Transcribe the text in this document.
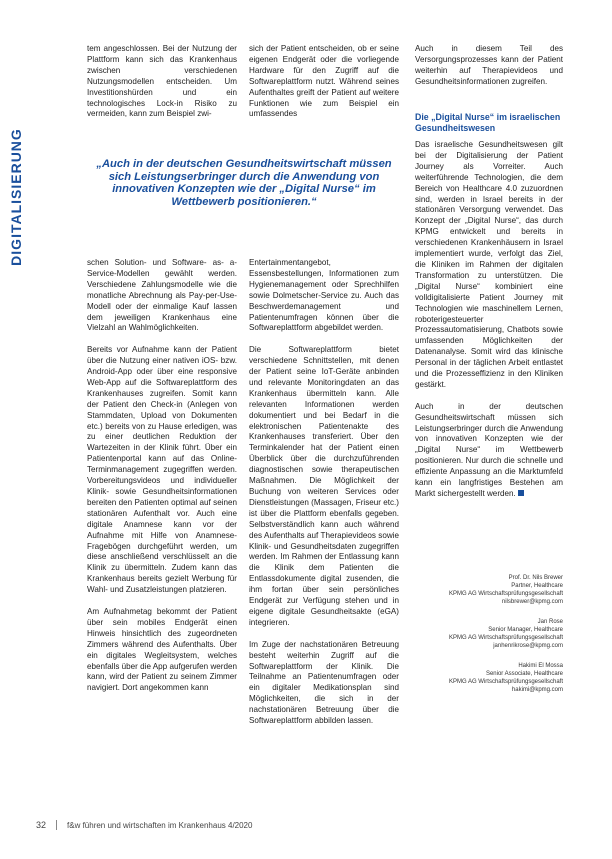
DIGITALISIERUNG

tem angeschlossen. Bei der Nutzung der Plattform kann sich das Krankenhaus zwischen verschiedenen Nutzungsmodellen entscheiden. Um Investitionshürden und ein technologisches Lock-in Risiko zu vermeiden, kann zum Beispiel zwi-

sich der Patient entscheiden, ob er seine eigenen Endgerät oder die vorliegende Hardware für den Zugriff auf die Softwareplattform nutzt. Während seines Aufenthaltes greift der Patient auf weitere Funktionen wie zum Beispiel ein umfassendes

Auch in diesem Teil des Versorgungsprozesses kann der Patient weiterhin auf Therapievideos und Gesundheitsinformationen zugreifen.

„Auch in der deutschen Gesundheitswirtschaft müssen sich Leistungserbringer durch die Anwendung von innovativen Konzepten wie der „Digital Nurse“ im Wettbewerb positionieren.“
Die „Digital Nurse“ im israelischen Gesundheitswesen

Das israelische Gesundheitswesen gilt bei der Digitalisierung der Patient Journey als Vorreiter. Auch weiterführende Technologien, die dem Bereich von Healthcare 4.0 zuzuordnen sind, werden in Israel bereits in der stationären Versorgung verwendet. Das Konzept der „Digital Nurse“, das durch KPMG entwickelt und bereits in verschiedenen Krankenhäusern in Israel implementiert wurde, verfolgt das Ziel, die Kliniken im Rahmen der digitalen Transformation zu unterstützen. Die „Digital Nurse“ kombiniert eine volldigitalisierte Patient Journey mit Technologien wie maschinellem Lernen, roboterigesteuerter Prozessautomatisierung, Chatbots sowie umfassenden Möglichkeiten der Datenanalyse. Somit wird das klinische Personal in der täglichen Arbeit entlastet und die Prozesseffizienz in den Kliniken gestärkt.

Auch in der deutschen Gesundheitswirtschaft müssen sich Leistungserbringer durch die Anwendung von innovativen Konzepten wie der „Digital Nurse“ im Wettbewerb positionieren. Nur durch die schnelle und effiziente Anpassung an die Marktumfeld kann ein langfristiges Bestehen am Markt sichergestellt werden.

schen Solution- und Software- as- a- Service-Modellen gewählt werden. Verschiedene Zahlungsmodelle wie die monatliche Abrechnung als Pay-per-Use-Modell oder der einmalige Kauf lassen dem jeweiligen Krankenhaus eine Vielzahl an Wahlmöglichkeiten.

Bereits vor Aufnahme kann der Patient über die Nutzung einer nativen iOS- bzw. Android-App oder über eine responsive Web-App auf die Softwareplattform des Krankenhauses zugreifen. Somit kann der Patient den Check-in (Anlegen von Stammdaten, Upload von Dokumenten etc.) bereits von zu Hause erledigen, was zu einer deutlichen Reduktion der Wartezeiten in der Klinik führt. Über ein Patientenportal kann auf das Online-Terminmanagement zugegriffen werden. Vorbereitungsvideos und individueller Klinik- sowie Gesundheitsinformationen bereiten den Patienten optimal auf seinen stationären Aufenthalt vor. Auch eine digitale Anamnese kann vor der Aufnahme mit Hilfe von Anamnese-Fragebögen durchgeführt werden, um diese anschließend verschlüsselt an die Klinik zu übermitteln. Zudem kann das Krankenhaus bereits gezielt Werbung für Wahl- und Zusatzleistungen platzieren.

Am Aufnahmetag bekommt der Patient über sein mobiles Endgerät einen Hinweis hinsichtlich des zugeordneten Zimmers während des Aufenthalts. Über ein digitales Wegleitsystem, welches ebenfalls über die App aufgerufen werden kann, wird der Patient zu seinem Zimmer navigiert. Dort angekommen kann

Entertainmentangebot, Essensbestellungen, Informationen zum Hygienemanagement oder Sprechhilfen sowie Dolmetscher-Service zu. Auch das Beschwerdemanagement und Patientenumfragen können über die Softwareplattform abgebildet werden.

Die Softwareplattform bietet verschiedene Schnittstellen, mit denen der Patient seine IoT-Geräte anbinden und relevante Monitoringdaten an das Krankenhaus übermitteln kann. Alle relevanten Informationen werden dokumentiert und bei Bedarf in die elektronischen Patientenakte des Krankenhauses transferiert. Über den Terminkalender hat der Patient einen Überblick über die durchzuführenden diagnostischen sowie therapeutischen Maßnahmen. Die Möglichkeit der Buchung von weiteren Services oder Dienstleistungen (Massagen, Friseur etc.) ist über die Plattform ebenfalls gegeben. Selbstverständlich kann auch während des Aufenthalts auf Therapievideos sowie Klinik- und Gesundheitsdaten zugegriffen werden. Im Rahmen der Entlassung kann die Klinik dem Patienten die Entlassdokumente digital zusenden, die ihm fortan über sein persönliches Endgerät zur Verfügung stehen und in eigene digitale Gesundheitsakte (eGA) integrieren.

Im Zuge der nachstationären Betreuung besteht weiterhin Zugriff auf die Softwareplattform der Klinik. Die Teilnahme an Patientenumfragen oder ein digitaler Medikationsplan sind Möglichkeiten, die sich in der nachstationären Betreuung über die Softwareplattform abbilden lassen.

Prof. Dr. Nils Brewer
Partner, Healthcare
KPMG AG Wirtschaftsprüfungsgesellschaft
nilsbrewer@kpmg.com
Jan Rose
Senior Manager, Healthcare
KPMG AG Wirtschaftsprüfungsgesellschaft
janhenrikrose@kpmg.com
Hakimi El Mossa
Senior Associate, Healthcare
KPMG AG Wirtschaftsprüfungsgesellschaft
hakimi@kpmg.com
32	f&w führen und wirtschaften im Krankenhaus 4/2020
